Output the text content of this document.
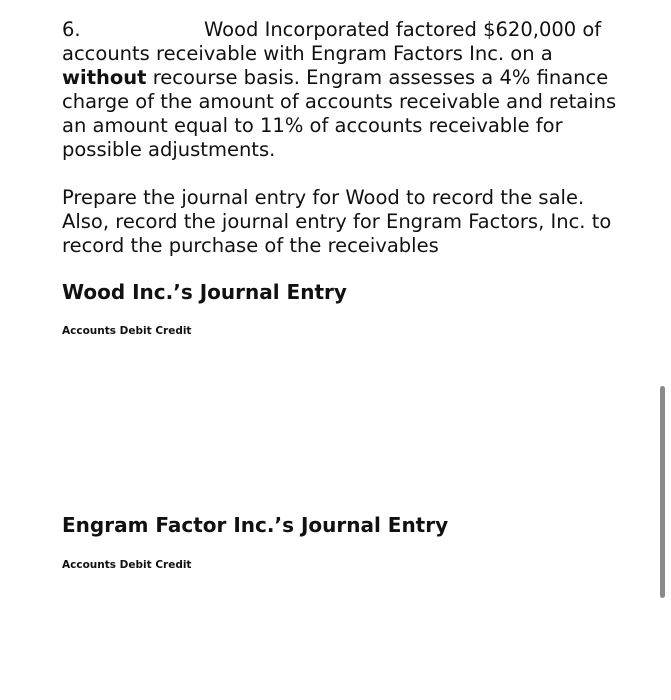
6.	Wood Incorporated factored $620,000 of accounts receivable with Engram Factors Inc. on a without recourse basis. Engram assesses a 4% finance charge of the amount of accounts receivable and retains an amount equal to 11% of accounts receivable for possible adjustments.

Prepare the journal entry for Wood to record the sale. Also, record the journal entry for Engram Factors, Inc. to record the purchase of the receivables

Wood Inc.’s Journal Entry
Accounts Debit Credit
Engram Factor Inc.’s Journal Entry
Accounts Debit Credit
